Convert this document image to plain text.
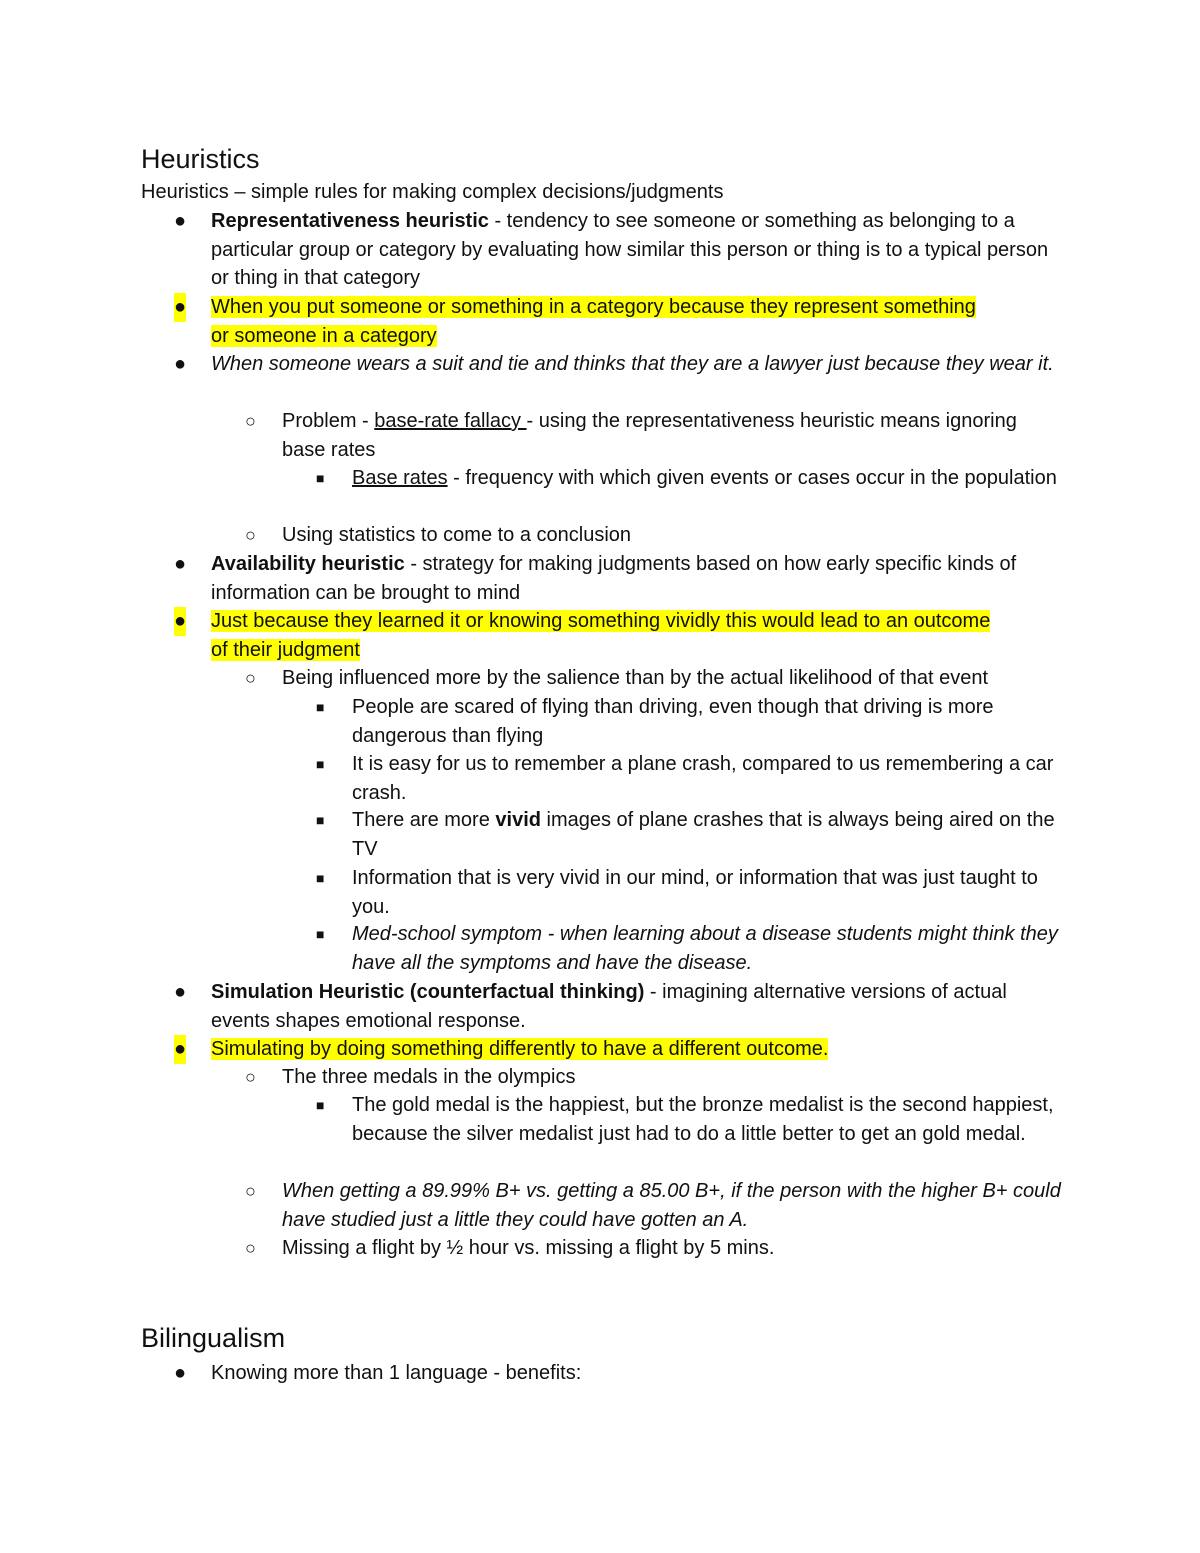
Heuristics
Heuristics – simple rules for making complex decisions/judgments
● Representativeness heuristic - tendency to see someone or something as belonging to a particular group or category by evaluating how similar this person or thing is to a typical person or thing in that category
● When you put someone or something in a category because they represent something
or someone in a category
● When someone wears a suit and tie and thinks that they are a lawyer just because they wear it.
○ Problem - base-rate fallacy - using the representativeness heuristic means ignoring base rates
■ Base rates - frequency with which given events or cases occur in the population
○ Using statistics to come to a conclusion
● Availability heuristic - strategy for making judgments based on how early specific kinds of information can be brought to mind
● Just because they learned it or knowing something vividly this would lead to an outcome
of their judgment
○ Being influenced more by the salience than by the actual likelihood of that event
■ People are scared of flying than driving, even though that driving is more dangerous than flying
■ It is easy for us to remember a plane crash, compared to us remembering a car crash.
■ There are more vivid images of plane crashes that is always being aired on the TV
■ Information that is very vivid in our mind, or information that was just taught to you.
■ Med-school symptom - when learning about a disease students might think they have all the symptoms and have the disease.
● Simulation Heuristic (counterfactual thinking) - imagining alternative versions of actual events shapes emotional response.
● Simulating by doing something differently to have a different outcome.
○ The three medals in the olympics
■ The gold medal is the happiest, but the bronze medalist is the second happiest, because the silver medalist just had to do a little better to get an gold medal.
○ When getting a 89.99% B+ vs. getting a 85.00 B+, if the person with the higher B+ could have studied just a little they could have gotten an A.
○ Missing a flight by ½ hour vs. missing a flight by 5 mins.
Bilingualism
● Knowing more than 1 language - benefits:
